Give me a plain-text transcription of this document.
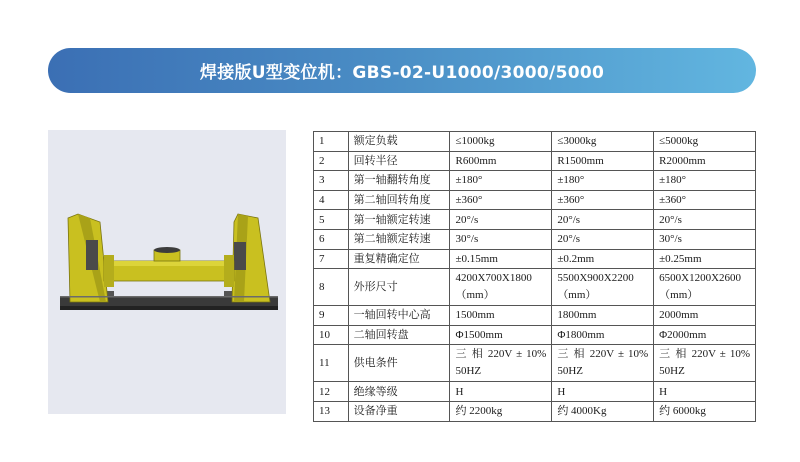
焊接版U型变位机：GBS-02-U1000/3000/5000
1	额定负载	≤1000kg	≤3000kg	≤5000kg
2	回转半径	R600mm	R1500mm	R2000mm
3	第一轴翻转角度	±180°	±180°	±180°
4	第二轴回转角度	±360°	±360°	±360°
5	第一轴额定转速	20°/s	20°/s	20°/s
6	第二轴额定转速	30°/s	20°/s	30°/s
7	重复精确定位	±0.15mm	±0.2mm	±0.25mm
8	外形尺寸	4200X700X1800（mm）	5500X900X2200（mm）	6500X1200X2600（mm）
9	一轴回转中心高	1500mm	1800mm	2000mm
10	二轴回转盘	Φ1500mm	Φ1800mm	Φ2000mm
11	供电条件	三 相 220V ± 10% 50HZ	三 相 220V ± 10% 50HZ	三 相 220V ± 10% 50HZ
12	绝缘等级	H	H	H
13	设备净重	约 2200kg	约 4000Kg	约 6000kg
